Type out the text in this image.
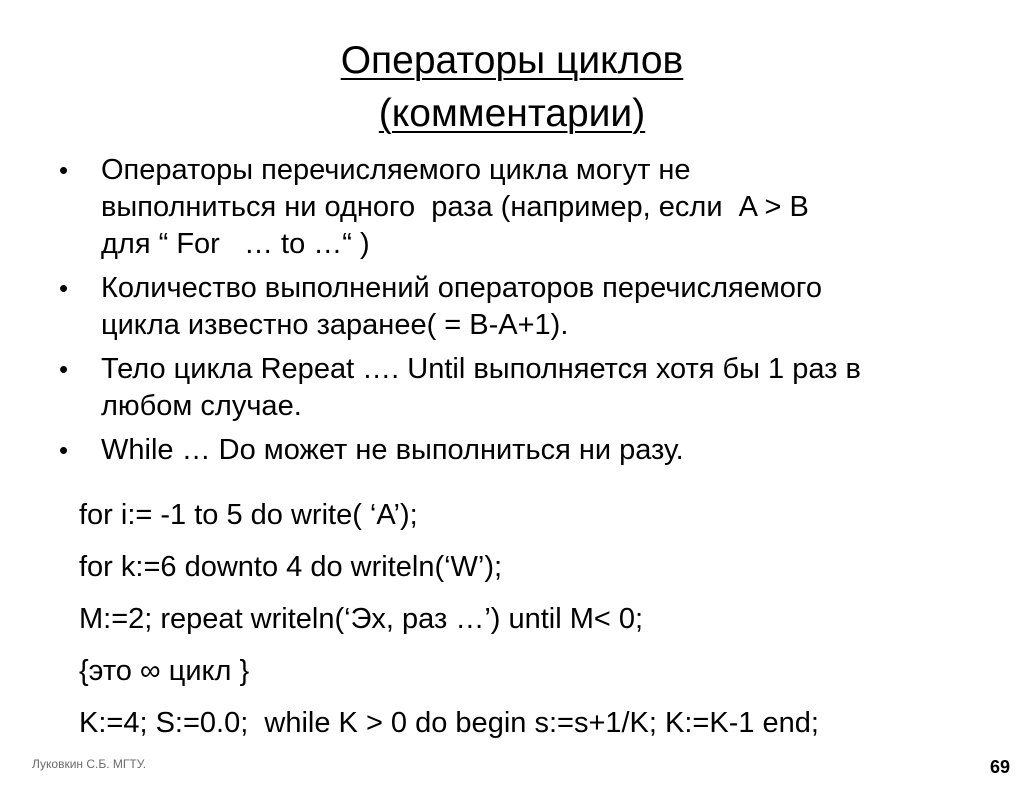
Операторы циклов
(комментарии)
• Операторы перечисляемого цикла могут не
выполниться ни одного  раза (например, если  A > B
для “ For   … to …“ )
• Количество выполнений операторов перечисляемого
цикла известно заранее( = B-A+1).
• Тело цикла Repeat …. Until выполняется хотя бы 1 раз в
любом случае.
• While … Do может не выполниться ни разу.
for i:= -1 to 5 do write( ‘A’);
for k:=6 downto 4 do writeln(‘W’);
M:=2; repeat writeln(‘Эх, раз …’) until M< 0;
{это ∞ цикл }
K:=4; S:=0.0;  while K > 0 do begin s:=s+1/K; K:=K-1 end;
Луковкин С.Б. МГТУ.	69
